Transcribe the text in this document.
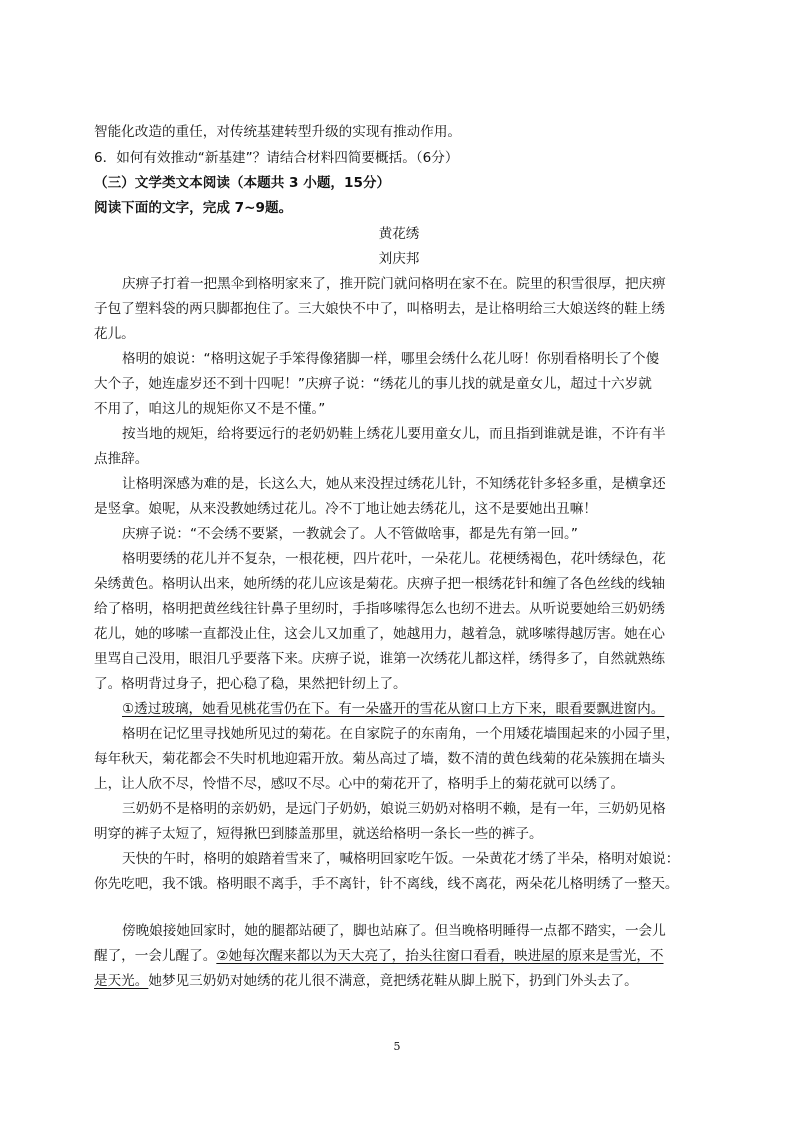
智能化改造的重任，对传统基建转型升级的实现有推动作用。
6．如何有效推动“新基建”？请结合材料四简要概括。（6分）
（三）文学类文本阅读（本题共 3 小题，15分）
阅读下面的文字，完成 7~9题。
黄花绣
刘庆邦
庆痹子打着一把黑伞到格明家来了，推开院门就问格明在家不在。院里的积雪很厚，把庆痹
子包了塑料袋的两只脚都抱住了。三大娘快不中了，叫格明去，是让格明给三大娘送终的鞋上绣
花儿。
格明的娘说：“格明这妮子手笨得像猪脚一样，哪里会绣什么花儿呀！你别看格明长了个傻
大个子，她连虚岁还不到十四呢！”庆痹子说：“绣花儿的事儿找的就是童女儿，超过十六岁就
不用了，咱这儿的规矩你又不是不懂。”
按当地的规矩，给将要远行的老奶奶鞋上绣花儿要用童女儿，而且指到谁就是谁，不许有半
点推辞。
让格明深感为难的是，长这么大，她从来没捏过绣花儿针，不知绣花针多轻多重，是横拿还
是竖拿。娘呢，从来没教她绣过花儿。冷不丁地让她去绣花儿，这不是要她出丑嘛！
庆痹子说：“不会绣不要紧，一教就会了。人不管做啥事，都是先有第一回。”
格明要绣的花儿并不复杂，一根花梗，四片花叶，一朵花儿。花梗绣褐色，花叶绣绿色，花
朵绣黄色。格明认出来，她所绣的花儿应该是菊花。庆痹子把一根绣花针和缠了各色丝线的线轴
给了格明，格明把黄丝线往针鼻子里纫时，手指哆嗦得怎么也纫不进去。从听说要她给三奶奶绣
花儿，她的哆嗦一直都没止住，这会儿又加重了，她越用力，越着急，就哆嗦得越厉害。她在心
里骂自己没用，眼泪几乎要落下来。庆痹子说，谁第一次绣花儿都这样，绣得多了，自然就熟练
了。格明背过身子，把心稳了稳，果然把针纫上了。
①透过玻璃，她看见桃花雪仍在下。有一朵盛开的雪花从窗口上方下来，眼看要飘进窗内。
格明在记忆里寻找她所见过的菊花。在自家院子的东南角，一个用矮花墙围起来的小园子里，
每年秋天，菊花都会不失时机地迎霜开放。菊丛高过了墙，数不清的黄色线菊的花朵簇拥在墙头
上，让人欣不尽，怜惜不尽，感叹不尽。心中的菊花开了，格明手上的菊花就可以绣了。
三奶奶不是格明的亲奶奶，是远门子奶奶，娘说三奶奶对格明不赖，是有一年，三奶奶见格
明穿的裤子太短了，短得揪巴到膝盖那里，就送给格明一条长一些的裤子。
天快的午时，格明的娘踏着雪来了，喊格明回家吃午饭。一朵黄花才绣了半朵，格明对娘说：
你先吃吧，我不饿。格明眼不离手，手不离针，针不离线，线不离花，两朵花儿格明绣了一整天。
傍晚娘接她回家时，她的腿都站硬了，脚也站麻了。但当晚格明睡得一点都不踏实，一会儿
醒了，一会儿醒了。②她每次醒来都以为天大亮了，抬头往窗口看看，映进屋的原来是雪光，不
是天光。她梦见三奶奶对她绣的花儿很不满意，竟把绣花鞋从脚上脱下，扔到门外头去了。
5
